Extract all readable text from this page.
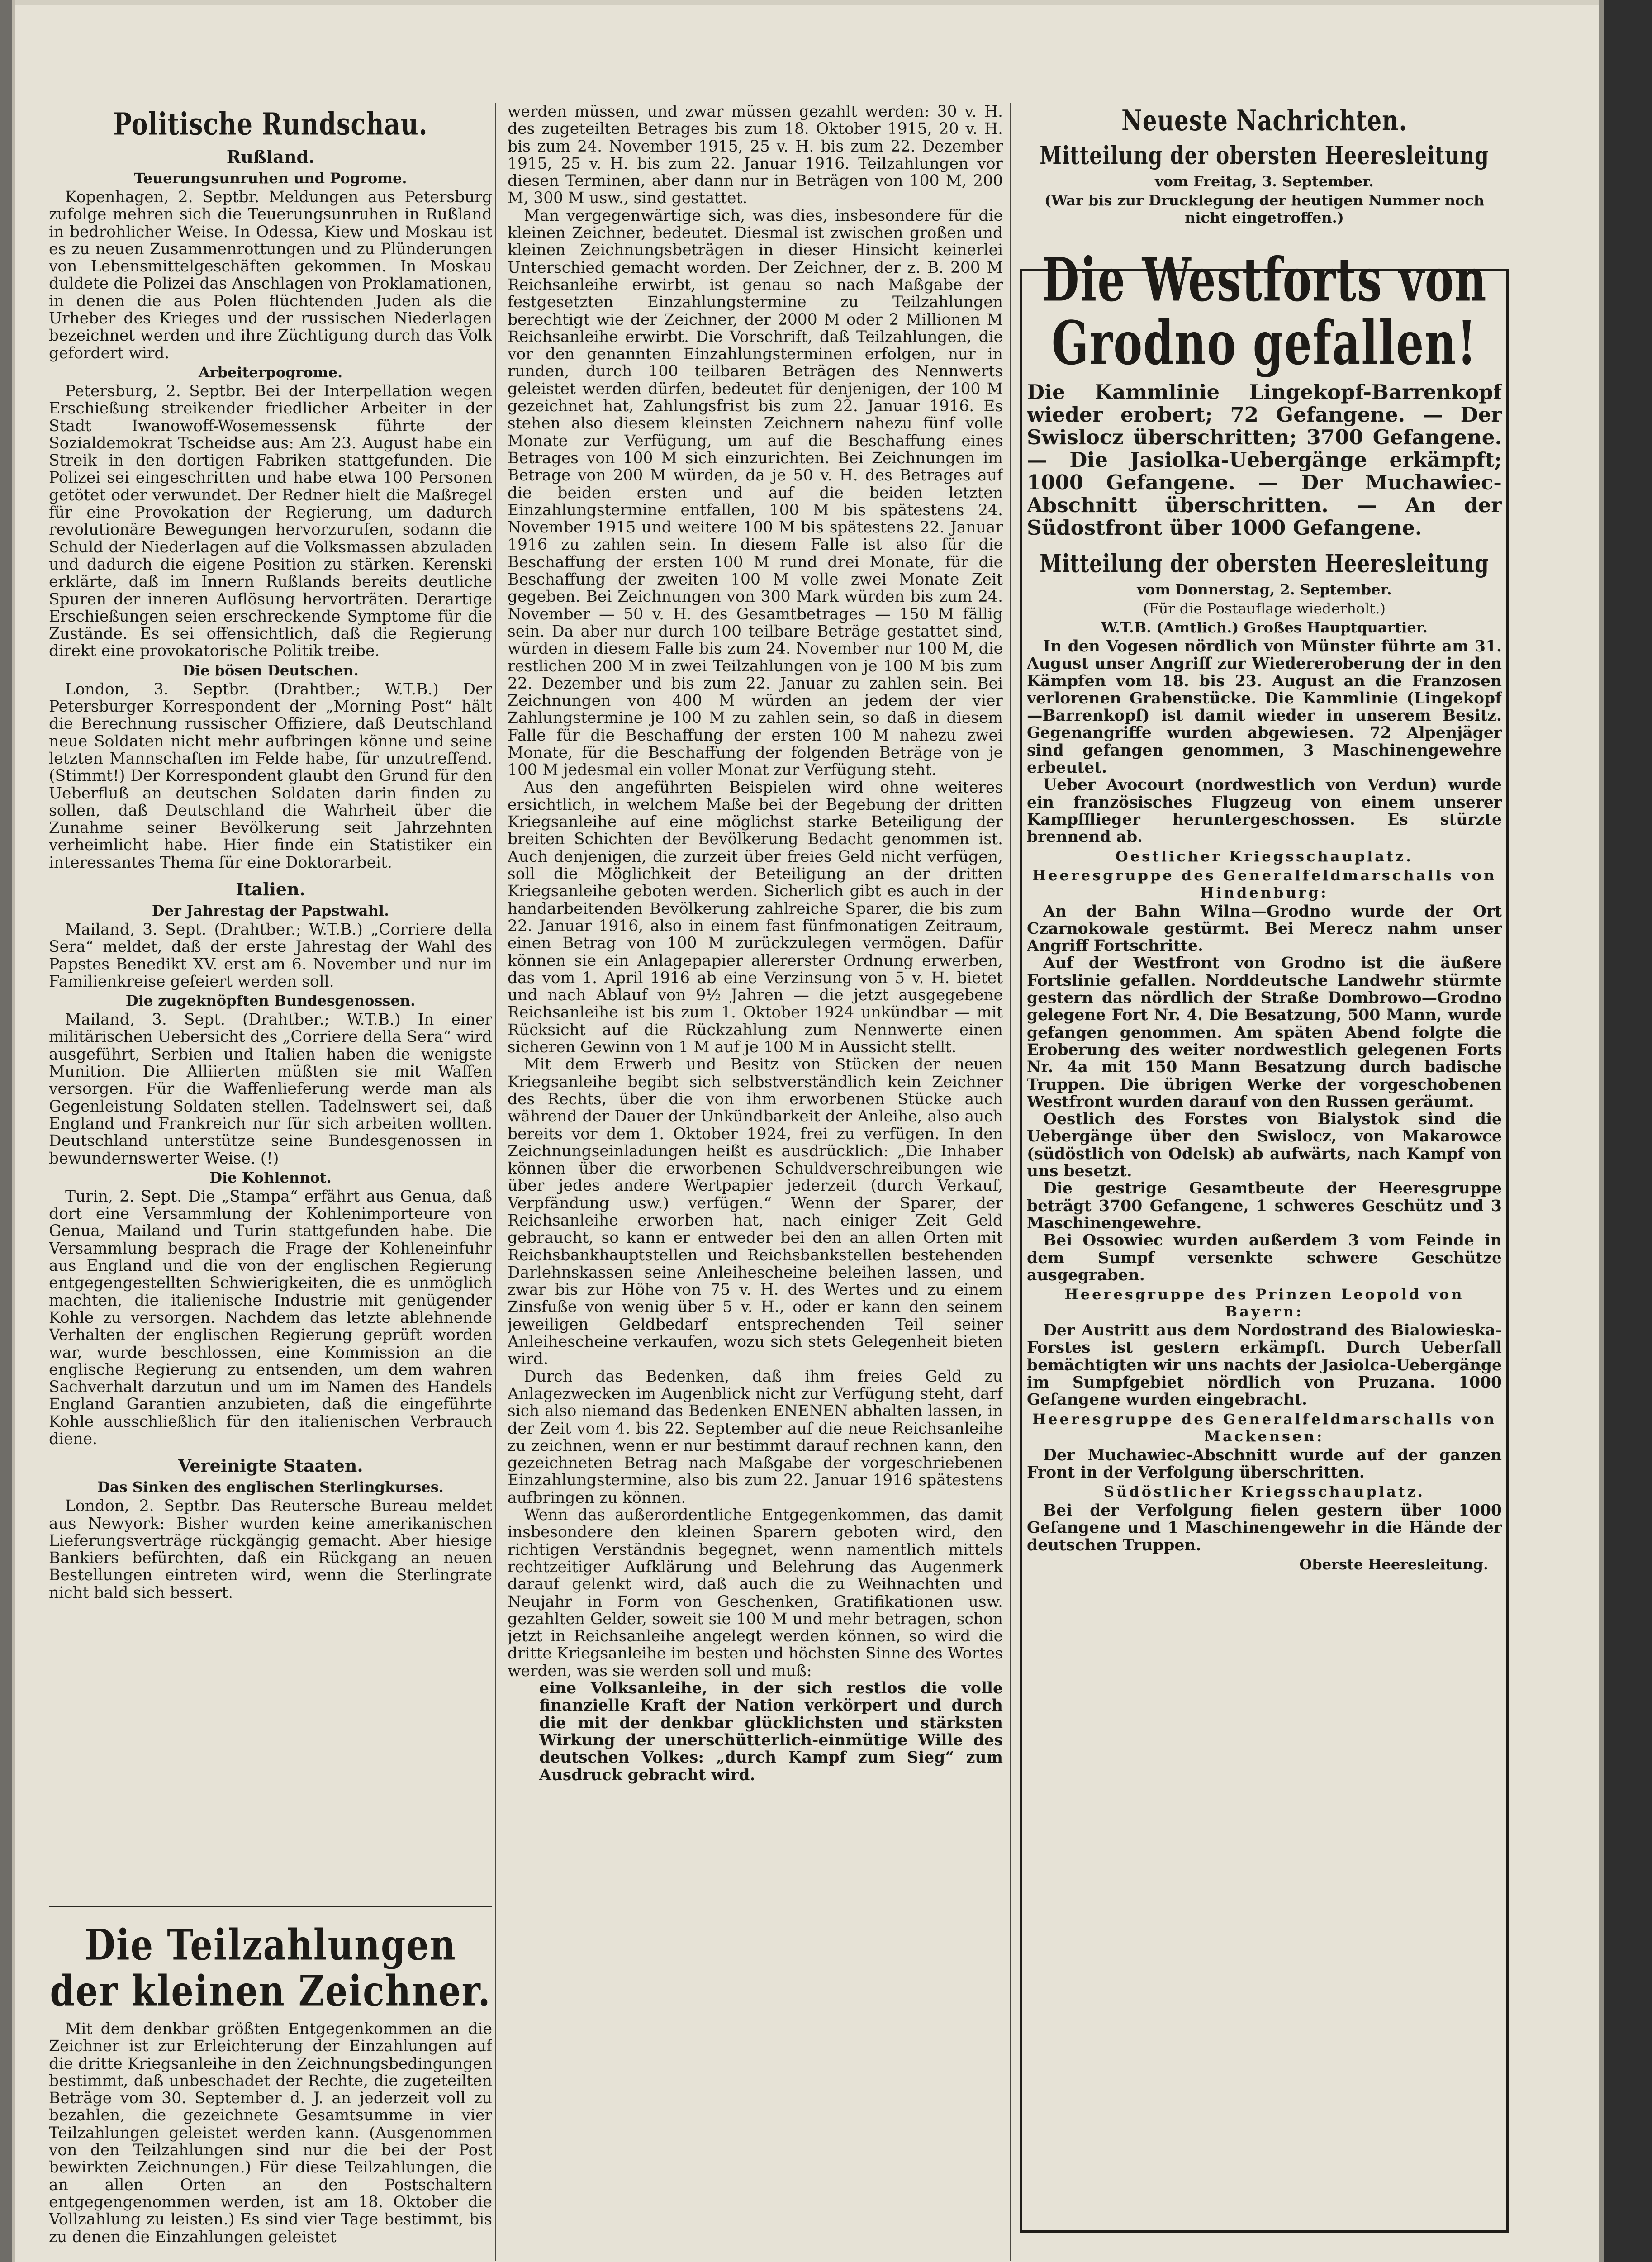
Politische Rundschau.
Rußland.
Teuerungsunruhen und Pogrome.

Kopenhagen, 2. Septbr. Meldungen aus Petersburg zufolge mehren sich die Teuerungsunruhen in Rußland in bedrohlicher Weise. In Odessa, Kiew und Moskau ist es zu neuen Zusammenrottungen und zu Plünderungen von Lebensmittelgeschäften gekommen. In Moskau duldete die Polizei das Anschlagen von Proklamationen, in denen die aus Polen flüchtenden Juden als die Urheber des Krieges und der russischen Niederlagen bezeichnet werden und ihre Züchtigung durch das Volk gefordert wird.

Arbeiterpogrome.

Petersburg, 2. Septbr. Bei der Interpellation wegen Erschießung streikender friedlicher Arbeiter in der Stadt Iwanowoff-Wosemessensk führte der Sozialdemokrat Tscheidse aus: Am 23. August habe ein Streik in den dortigen Fabriken stattgefunden. Die Polizei sei eingeschritten und habe etwa 100 Personen getötet oder verwundet. Der Redner hielt die Maßregel für eine Provokation der Regierung, um dadurch revolutionäre Bewegungen hervorzurufen, sodann die Schuld der Niederlagen auf die Volksmassen abzuladen und dadurch die eigene Position zu stärken. Kerenski erklärte, daß im Innern Rußlands bereits deutliche Spuren der inneren Auflösung hervorträten. Derartige Erschießungen seien erschreckende Symptome für die Zustände. Es sei offensichtlich, daß die Regierung direkt eine provokatorische Politik treibe.

Die bösen Deutschen.

London, 3. Septbr. (Drahtber.; W.T.B.) Der Petersburger Korrespondent der „Morning Post“ hält die Berechnung russischer Offiziere, daß Deutschland neue Soldaten nicht mehr aufbringen könne und seine letzten Mannschaften im Felde habe, für unzutreffend. (Stimmt!) Der Korrespondent glaubt den Grund für den Ueberfluß an deutschen Soldaten darin finden zu sollen, daß Deutschland die Wahrheit über die Zunahme seiner Bevölkerung seit Jahrzehnten verheimlicht habe. Hier finde ein Statistiker ein interessantes Thema für eine Doktorarbeit.

Italien.
Der Jahrestag der Papstwahl.

Mailand, 3. Sept. (Drahtber.; W.T.B.) „Corriere della Sera“ meldet, daß der erste Jahrestag der Wahl des Papstes Benedikt XV. erst am 6. November und nur im Familienkreise gefeiert werden soll.

Die zugeknöpften Bundesgenossen.

Mailand, 3. Sept. (Drahtber.; W.T.B.) In einer militärischen Uebersicht des „Corriere della Sera“ wird ausgeführt, Serbien und Italien haben die wenigste Munition. Die Alliierten müßten sie mit Waffen versorgen. Für die Waffenlieferung werde man als Gegenleistung Soldaten stellen. Tadelnswert sei, daß England und Frankreich nur für sich arbeiten wollten. Deutschland unterstütze seine Bundesgenossen in bewundernswerter Weise. (!)

Die Kohlennot.

Turin, 2. Sept. Die „Stampa“ erfährt aus Genua, daß dort eine Versammlung der Kohlenimporteure von Genua, Mailand und Turin stattgefunden habe. Die Versammlung besprach die Frage der Kohleneinfuhr aus England und die von der englischen Regierung entgegengestellten Schwierigkeiten, die es unmöglich machten, die italienische Industrie mit genügender Kohle zu versorgen. Nachdem das letzte ablehnende Verhalten der englischen Regierung geprüft worden war, wurde beschlossen, eine Kommission an die englische Regierung zu entsenden, um dem wahren Sachverhalt darzutun und um im Namen des Handels England Garantien anzubieten, daß die eingeführte Kohle ausschließlich für den italienischen Verbrauch diene.

Vereinigte Staaten.
Das Sinken des englischen Sterlingkurses.

London, 2. Septbr. Das Reutersche Bureau meldet aus Newyork: Bisher wurden keine amerikanischen Lieferungsverträge rückgängig gemacht. Aber hiesige Bankiers befürchten, daß ein Rückgang an neuen Bestellungen eintreten wird, wenn die Sterlingrate nicht bald sich bessert.

Die Teilzahlungen
der kleinen Zeichner.

Mit dem denkbar größten Entgegenkommen an die Zeichner ist zur Erleichterung der Einzahlungen auf die dritte Kriegsanleihe in den Zeichnungsbedingungen bestimmt, daß unbeschadet der Rechte, die zugeteilten Beträge vom 30. September d. J. an jederzeit voll zu bezahlen, die gezeichnete Gesamtsumme in vier Teilzahlungen geleistet werden kann. (Ausgenommen von den Teilzahlungen sind nur die bei der Post bewirkten Zeichnungen.) Für diese Teilzahlungen, die an allen Orten an den Postschaltern entgegengenommen werden, ist am 18. Oktober die Vollzahlung zu leisten.) Es sind vier Tage bestimmt, bis zu denen die Einzahlungen geleistet

werden müssen, und zwar müssen gezahlt werden: 30 v. H. des zugeteilten Betrages bis zum 18. Oktober 1915, 20 v. H. bis zum 24. November 1915, 25 v. H. bis zum 22. Dezember 1915, 25 v. H. bis zum 22. Januar 1916. Teilzahlungen vor diesen Terminen, aber dann nur in Beträgen von 100 M, 200 M, 300 M usw., sind gestattet.

Man vergegenwärtige sich, was dies, insbesondere für die kleinen Zeichner, bedeutet. Diesmal ist zwischen großen und kleinen Zeichnungsbeträgen in dieser Hinsicht keinerlei Unterschied gemacht worden. Der Zeichner, der z. B. 200 M Reichsanleihe erwirbt, ist genau so nach Maßgabe der festgesetzten Einzahlungstermine zu Teilzahlungen berechtigt wie der Zeichner, der 2000 M oder 2 Millionen M Reichsanleihe erwirbt. Die Vorschrift, daß Teilzahlungen, die vor den genannten Einzahlungsterminen erfolgen, nur in runden, durch 100 teilbaren Beträgen des Nennwerts geleistet werden dürfen, bedeutet für denjenigen, der 100 M gezeichnet hat, Zahlungsfrist bis zum 22. Januar 1916. Es stehen also diesem kleinsten Zeichnern nahezu fünf volle Monate zur Verfügung, um auf die Beschaffung eines Betrages von 100 M sich einzurichten. Bei Zeichnungen im Betrage von 200 M würden, da je 50 v. H. des Betrages auf die beiden ersten und auf die beiden letzten Einzahlungstermine entfallen, 100 M bis spätestens 24. November 1915 und weitere 100 M bis spätestens 22. Januar 1916 zu zahlen sein. In diesem Falle ist also für die Beschaffung der ersten 100 M rund drei Monate, für die Beschaffung der zweiten 100 M volle zwei Monate Zeit gegeben. Bei Zeichnungen von 300 Mark würden bis zum 24. November — 50 v. H. des Gesamtbetrages — 150 M fällig sein. Da aber nur durch 100 teilbare Beträge gestattet sind, würden in diesem Falle bis zum 24. November nur 100 M, die restlichen 200 M in zwei Teilzahlungen von je 100 M bis zum 22. Dezember und bis zum 22. Januar zu zahlen sein. Bei Zeichnungen von 400 M würden an jedem der vier Zahlungstermine je 100 M zu zahlen sein, so daß in diesem Falle für die Beschaffung der ersten 100 M nahezu zwei Monate, für die Beschaffung der folgenden Beträge von je 100 M jedesmal ein voller Monat zur Verfügung steht.

Aus den angeführten Beispielen wird ohne weiteres ersichtlich, in welchem Maße bei der Begebung der dritten Kriegsanleihe auf eine möglichst starke Beteiligung der breiten Schichten der Bevölkerung Bedacht genommen ist. Auch denjenigen, die zurzeit über freies Geld nicht verfügen, soll die Möglichkeit der Beteiligung an der dritten Kriegsanleihe geboten werden. Sicherlich gibt es auch in der handarbeitenden Bevölkerung zahlreiche Sparer, die bis zum 22. Januar 1916, also in einem fast fünfmonatigen Zeitraum, einen Betrag von 100 M zurückzulegen vermögen. Dafür können sie ein Anlagepapier allererster Ordnung erwerben, das vom 1. April 1916 ab eine Verzinsung von 5 v. H. bietet und nach Ablauf von 9½ Jahren — die jetzt ausgegebene Reichsanleihe ist bis zum 1. Oktober 1924 unkündbar — mit Rücksicht auf die Rückzahlung zum Nennwerte einen sicheren Gewinn von 1 M auf je 100 M in Aussicht stellt.

Mit dem Erwerb und Besitz von Stücken der neuen Kriegsanleihe begibt sich selbstverständlich kein Zeichner des Rechts, über die von ihm erworbenen Stücke auch während der Dauer der Unkündbarkeit der Anleihe, also auch bereits vor dem 1. Oktober 1924, frei zu verfügen. In den Zeichnungseinladungen heißt es ausdrücklich: „Die Inhaber können über die erworbenen Schuldverschreibungen wie über jedes andere Wertpapier jederzeit (durch Verkauf, Verpfändung usw.) verfügen.“ Wenn der Sparer, der Reichsanleihe erworben hat, nach einiger Zeit Geld gebraucht, so kann er entweder bei den an allen Orten mit Reichsbankhauptstellen und Reichsbankstellen bestehenden Darlehnskassen seine Anleihescheine beleihen lassen, und zwar bis zur Höhe von 75 v. H. des Wertes und zu einem Zinsfuße von wenig über 5 v. H., oder er kann den seinem jeweiligen Geldbedarf entsprechenden Teil seiner Anleihescheine verkaufen, wozu sich stets Gelegenheit bieten wird.

Durch das Bedenken, daß ihm freies Geld zu Anlagezwecken im Augenblick nicht zur Verfügung steht, darf sich also niemand das Bedenken ENENEN abhalten lassen, in der Zeit vom 4. bis 22. September auf die neue Reichsanleihe zu zeichnen, wenn er nur bestimmt darauf rechnen kann, den gezeichneten Betrag nach Maßgabe der vorgeschriebenen Einzahlungstermine, also bis zum 22. Januar 1916 spätestens aufbringen zu können.

Wenn das außerordentliche Entgegenkommen, das damit insbesondere den kleinen Sparern geboten wird, den richtigen Verständnis begegnet, wenn namentlich mittels rechtzeitiger Aufklärung und Belehrung das Augenmerk darauf gelenkt wird, daß auch die zu Weihnachten und Neujahr in Form von Geschenken, Gratifikationen usw. gezahlten Gelder, soweit sie 100 M und mehr betragen, schon jetzt in Reichsanleihe angelegt werden können, so wird die dritte Kriegsanleihe im besten und höchsten Sinne des Wortes werden, was sie werden soll und muß:

eine Volksanleihe, in der sich restlos die volle finanzielle Kraft der Nation verkörpert und durch die mit der denkbar glücklichsten und stärksten Wirkung der unerschütterlich-einmütige Wille des deutschen Volkes: „durch Kampf zum Sieg“ zum Ausdruck gebracht wird.

Neueste Nachrichten.
Mitteilung der obersten Heeresleitung
vom Freitag, 3. September.
(War bis zur Drucklegung der heutigen Nummer noch nicht eingetroffen.)
Die Westforts von
Grodno gefallen!

Die Kammlinie Lingekopf-Barrenkopf wieder erobert; 72 Gefangene. — Der Swislocz überschritten; 3700 Gefangene. — Die Jasiolka-Uebergänge erkämpft; 1000 Gefangene. — Der Muchawiec-Abschnitt überschritten. — An der Südostfront über 1000 Gefangene.

Mitteilung der obersten Heeresleitung
vom Donnerstag, 2. September.
(Für die Postauflage wiederholt.)
W.T.B. (Amtlich.) Großes Hauptquartier.

In den Vogesen nördlich von Münster führte am 31. August unser Angriff zur Wiedereroberung der in den Kämpfen vom 18. bis 23. August an die Franzosen verlorenen Grabenstücke. Die Kammlinie (Lingekopf—Barrenkopf) ist damit wieder in unserem Besitz. Gegenangriffe wurden abgewiesen. 72 Alpenjäger sind gefangen genommen, 3 Maschinengewehre erbeutet.

Ueber Avocourt (nordwestlich von Verdun) wurde ein französisches Flugzeug von einem unserer Kampfflieger heruntergeschossen. Es stürzte brennend ab.

Oestlicher Kriegsschauplatz.
Heeresgruppe des Generalfeldmarschalls von Hindenburg:

An der Bahn Wilna—Grodno wurde der Ort Czarnokowale gestürmt. Bei Merecz nahm unser Angriff Fortschritte.

Auf der Westfront von Grodno ist die äußere Fortslinie gefallen. Norddeutsche Landwehr stürmte gestern das nördlich der Straße Dombrowo—Grodno gelegene Fort Nr. 4. Die Besatzung, 500 Mann, wurde gefangen genommen. Am späten Abend folgte die Eroberung des weiter nordwestlich gelegenen Forts Nr. 4a mit 150 Mann Besatzung durch badische Truppen. Die übrigen Werke der vorgeschobenen Westfront wurden darauf von den Russen geräumt.

Oestlich des Forstes von Bialystok sind die Uebergänge über den Swislocz, von Makarowce (südöstlich von Odelsk) ab aufwärts, nach Kampf von uns besetzt.

Die gestrige Gesamtbeute der Heeresgruppe beträgt 3700 Gefangene, 1 schweres Geschütz und 3 Maschinengewehre.

Bei Ossowiec wurden außerdem 3 vom Feinde in dem Sumpf versenkte schwere Geschütze ausgegraben.

Heeresgruppe des Prinzen Leopold von Bayern:

Der Austritt aus dem Nordostrand des Bialowieska-Forstes ist gestern erkämpft. Durch Ueberfall bemächtigten wir uns nachts der Jasiolca-Uebergänge im Sumpfgebiet nördlich von Pruzana. 1000 Gefangene wurden eingebracht.

Heeresgruppe des Generalfeldmarschalls von Mackensen:

Der Muchawiec-Abschnitt wurde auf der ganzen Front in der Verfolgung überschritten.

Südöstlicher Kriegsschauplatz.

Bei der Verfolgung fielen gestern über 1000 Gefangene und 1 Maschinengewehr in die Hände der deutschen Truppen.

Oberste Heeresleitung.
